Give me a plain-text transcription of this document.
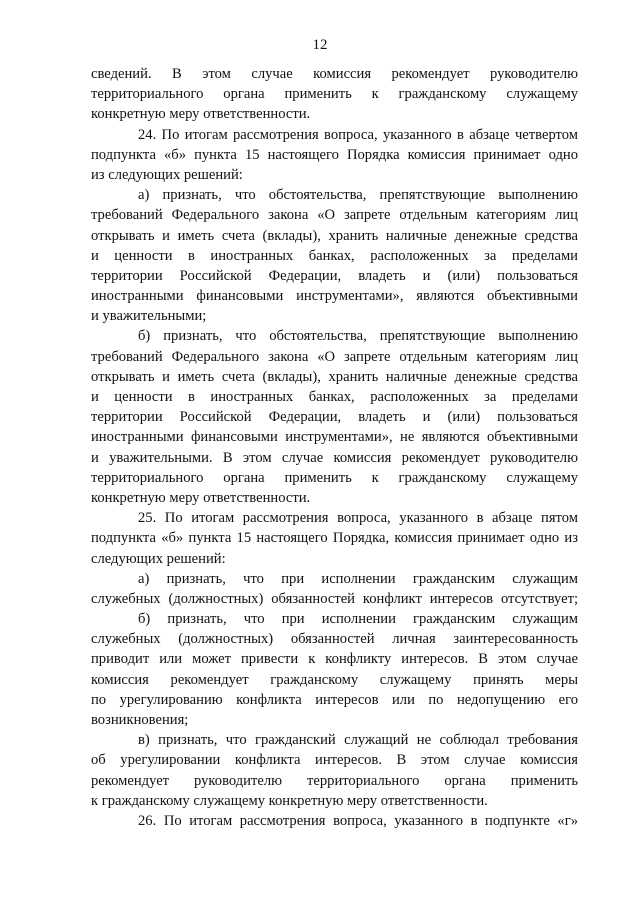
12
сведений. В этом случае комиссия рекомендует руководителю
территориального органа применить к гражданскому служащему
конкретную меру ответственности.
24. По итогам рассмотрения вопроса, указанного в абзаце четвертом
подпункта «б» пункта 15 настоящего Порядка комиссия принимает одно
из следующих решений:
а) признать, что обстоятельства, препятствующие выполнению
требований Федерального закона «О запрете отдельным категориям лиц
открывать и иметь счета (вклады), хранить наличные денежные средства
и ценности в иностранных банках, расположенных за пределами
территории Российской Федерации, владеть и (или) пользоваться
иностранными финансовыми инструментами», являются объективными
и уважительными;
б) признать, что обстоятельства, препятствующие выполнению
требований Федерального закона «О запрете отдельным категориям лиц
открывать и иметь счета (вклады), хранить наличные денежные средства
и ценности в иностранных банках, расположенных за пределами
территории Российской Федерации, владеть и (или) пользоваться
иностранными финансовыми инструментами», не являются объективными
и уважительными. В этом случае комиссия рекомендует руководителю
территориального органа применить к гражданскому служащему
конкретную меру ответственности.
25. По итогам рассмотрения вопроса, указанного в абзаце пятом
подпункта «б» пункта 15 настоящего Порядка, комиссия принимает одно из
следующих решений:
а) признать, что при исполнении гражданским служащим
служебных (должностных) обязанностей конфликт интересов отсутствует;
б) признать, что при исполнении гражданским служащим
служебных (должностных) обязанностей личная заинтересованность
приводит или может привести к конфликту интересов. В этом случае
комиссия рекомендует гражданскому служащему принять меры
по урегулированию конфликта интересов или по недопущению его
возникновения;
в) признать, что гражданский служащий не соблюдал требования
об урегулировании конфликта интересов. В этом случае комиссия
рекомендует руководителю территориального органа применить
к гражданскому служащему конкретную меру ответственности.
26. По итогам рассмотрения вопроса, указанного в подпункте «г»
